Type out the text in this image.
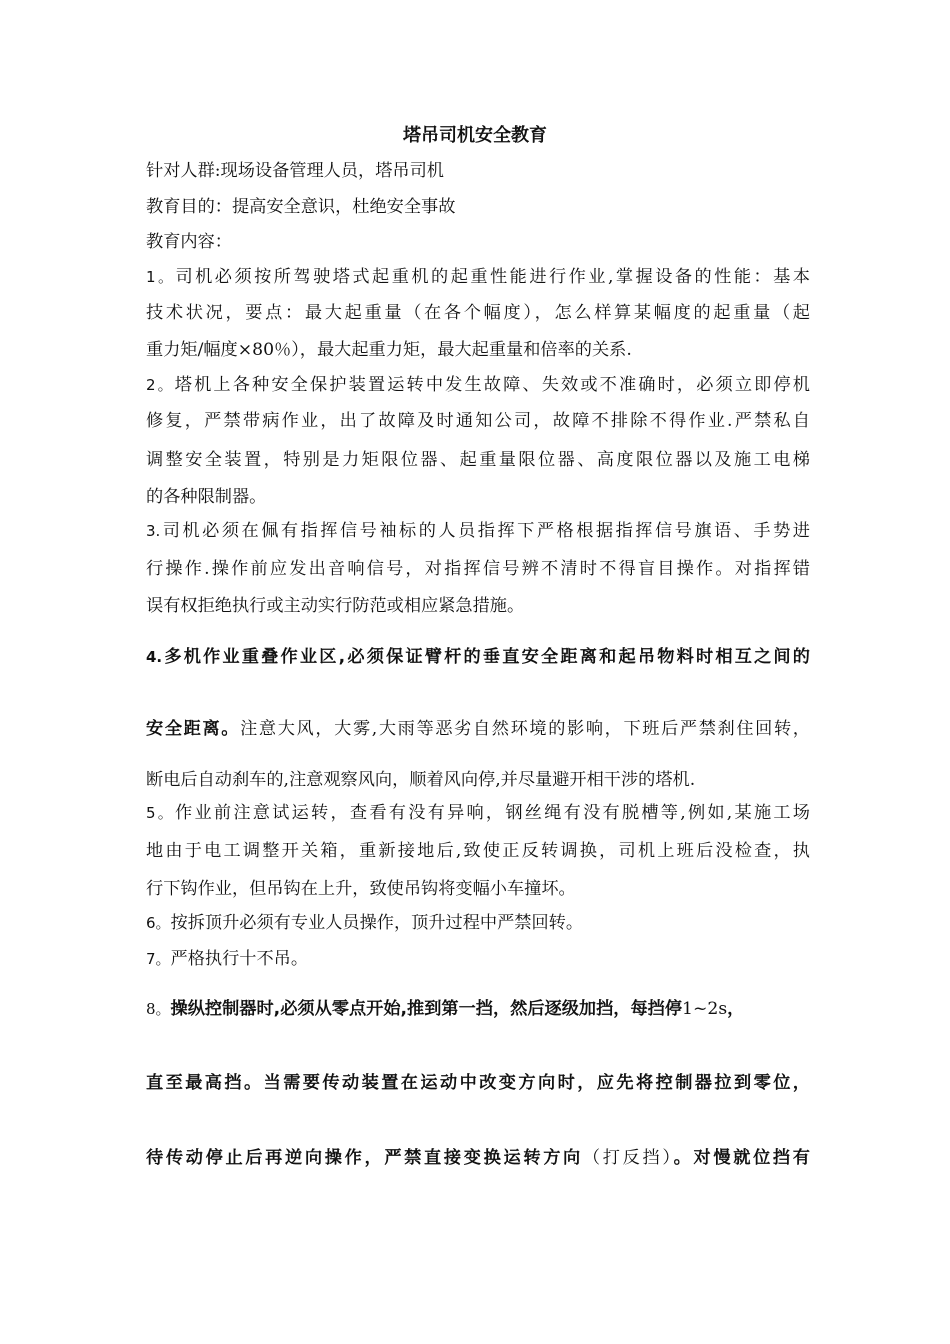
塔吊司机安全教育
针对人群:现场设备管理人员，塔吊司机
教育目的：提高安全意识，杜绝安全事故
教育内容：
1。司机必须按所驾驶塔式起重机的起重性能进行作业,掌握设备的性能：基本
技术状况，要点：最大起重量（在各个幅度），怎么样算某幅度的起重量（起
重力矩/幅度×80％），最大起重力矩，最大起重量和倍率的关系.
2。塔机上各种安全保护装置运转中发生故障、失效或不准确时，必须立即停机
修复，严禁带病作业，出了故障及时通知公司，故障不排除不得作业.严禁私自
调整安全装置，特别是力矩限位器、起重量限位器、高度限位器以及施工电梯
的各种限制器。
3.司机必须在佩有指挥信号袖标的人员指挥下严格根据指挥信号旗语、手势进
行操作.操作前应发出音响信号，对指挥信号辨不清时不得盲目操作。对指挥错
误有权拒绝执行或主动实行防范或相应紧急措施。
4.多机作业重叠作业区,必须保证臂杆的垂直安全距离和起吊物料时相互之间的
安全距离。注意大风，大雾,大雨等恶劣自然环境的影响，下班后严禁刹住回转，
断电后自动刹车的,注意观察风向，顺着风向停,并尽量避开相干涉的塔机.
5。作业前注意试运转，查看有没有异响，钢丝绳有没有脱槽等,例如,某施工场
地由于电工调整开关箱，重新接地后,致使正反转调换，司机上班后没检查，执
行下钩作业，但吊钩在上升，致使吊钩将变幅小车撞坏。
6。按拆顶升必须有专业人员操作，顶升过程中严禁回转。
7。严格执行十不吊。
8。操纵控制器时,必须从零点开始,推到第一挡，然后逐级加挡，每挡停1~2s，
直至最高挡。当需要传动装置在运动中改变方向时，应先将控制器拉到零位，
待传动停止后再逆向操作，严禁直接变换运转方向（打反挡）。对慢就位挡有
